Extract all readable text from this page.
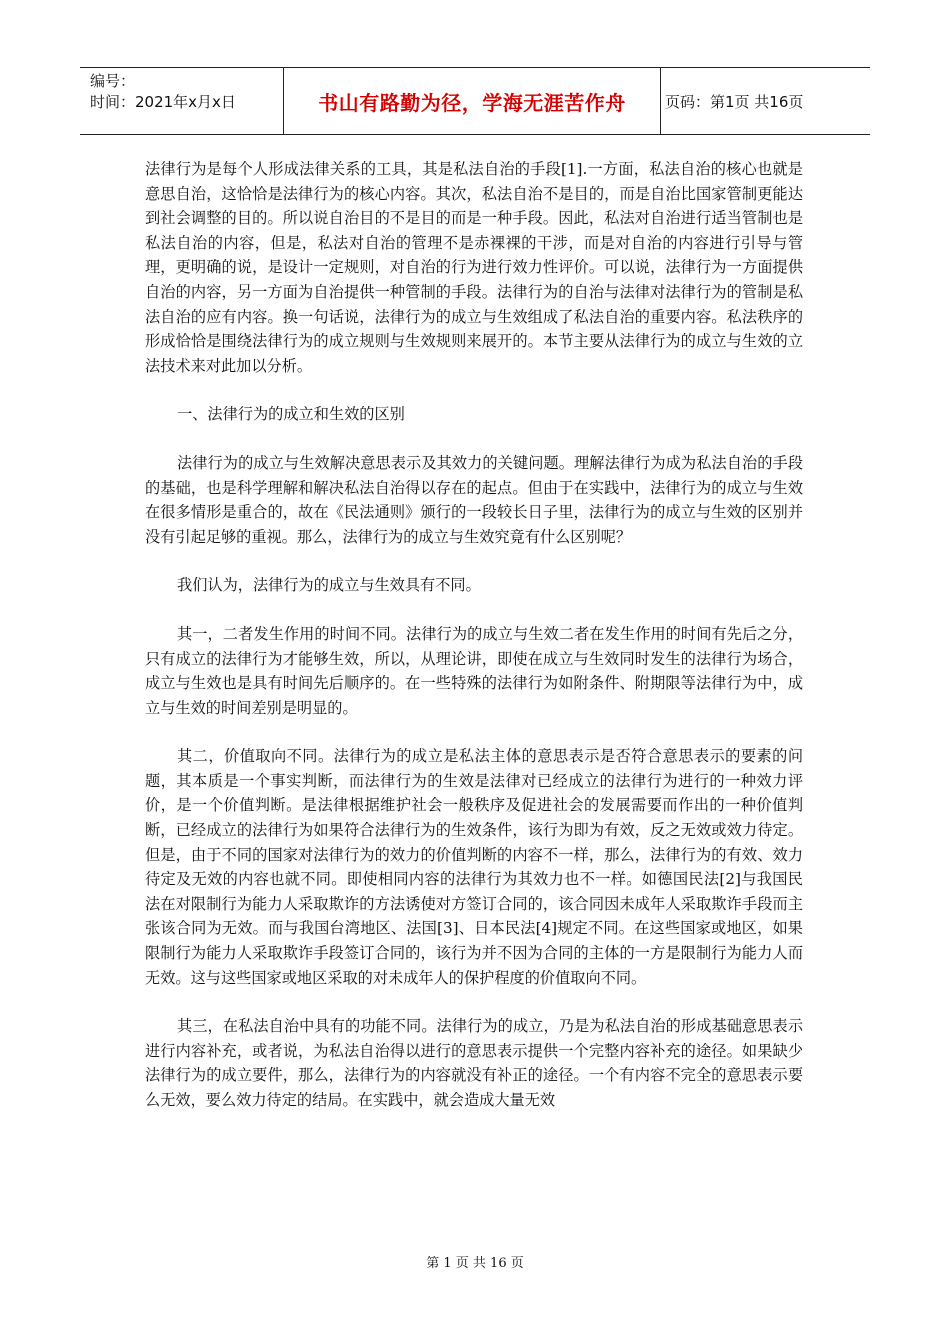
编号：
时间：2021年x月x日	书山有路勤为径，学海无涯苦作舟	页码：第1页 共16页

法律行为是每个人形成法律关系的工具，其是私法自治的手段[1].一方面，私法自治的核心也就是意思自治，这恰恰是法律行为的核心内容。其次，私法自治不是目的，而是自治比国家管制更能达到社会调整的目的。所以说自治目的不是目的而是一种手段。因此，私法对自治进行适当管制也是私法自治的内容，但是，私法对自治的管理不是赤裸裸的干涉，而是对自治的内容进行引导与管理，更明确的说，是设计一定规则，对自治的行为进行效力性评价。可以说，法律行为一方面提供自治的内容，另一方面为自治提供一种管制的手段。法律行为的自治与法律对法律行为的管制是私法自治的应有内容。换一句话说，法律行为的成立与生效组成了私法自治的重要内容。私法秩序的形成恰恰是围绕法律行为的成立规则与生效规则来展开的。本节主要从法律行为的成立与生效的立法技术来对此加以分析。

一、法律行为的成立和生效的区别

法律行为的成立与生效解决意思表示及其效力的关键问题。理解法律行为成为私法自治的手段的基础，也是科学理解和解决私法自治得以存在的起点。但由于在实践中，法律行为的成立与生效在很多情形是重合的，故在《民法通则》颁行的一段较长日子里，法律行为的成立与生效的区别并没有引起足够的重视。那么，法律行为的成立与生效究竟有什么区别呢？

我们认为，法律行为的成立与生效具有不同。

其一，二者发生作用的时间不同。法律行为的成立与生效二者在发生作用的时间有先后之分，只有成立的法律行为才能够生效，所以，从理论讲，即使在成立与生效同时发生的法律行为场合，成立与生效也是具有时间先后顺序的。在一些特殊的法律行为如附条件、附期限等法律行为中，成立与生效的时间差别是明显的。

其二，价值取向不同。法律行为的成立是私法主体的意思表示是否符合意思表示的要素的问题，其本质是一个事实判断，而法律行为的生效是法律对已经成立的法律行为进行的一种效力评价，是一个价值判断。是法律根据维护社会一般秩序及促进社会的发展需要而作出的一种价值判断，已经成立的法律行为如果符合法律行为的生效条件，该行为即为有效，反之无效或效力待定。但是，由于不同的国家对法律行为的效力的价值判断的内容不一样，那么，法律行为的有效、效力待定及无效的内容也就不同。即使相同内容的法律行为其效力也不一样。如德国民法[2]与我国民法在对限制行为能力人采取欺诈的方法诱使对方签订合同的，该合同因未成年人采取欺诈手段而主张该合同为无效。而与我国台湾地区、法国[3]、日本民法[4]规定不同。在这些国家或地区，如果限制行为能力人采取欺诈手段签订合同的，该行为并不因为合同的主体的一方是限制行为能力人而无效。这与这些国家或地区采取的对未成年人的保护程度的价值取向不同。

其三，在私法自治中具有的功能不同。法律行为的成立，乃是为私法自治的形成基础意思表示进行内容补充，或者说，为私法自治得以进行的意思表示提供一个完整内容补充的途径。如果缺少法律行为的成立要件，那么，法律行为的内容就没有补正的途径。一个有内容不完全的意思表示要么无效，要么效力待定的结局。在实践中，就会造成大量无效

第 1 页 共 16 页
